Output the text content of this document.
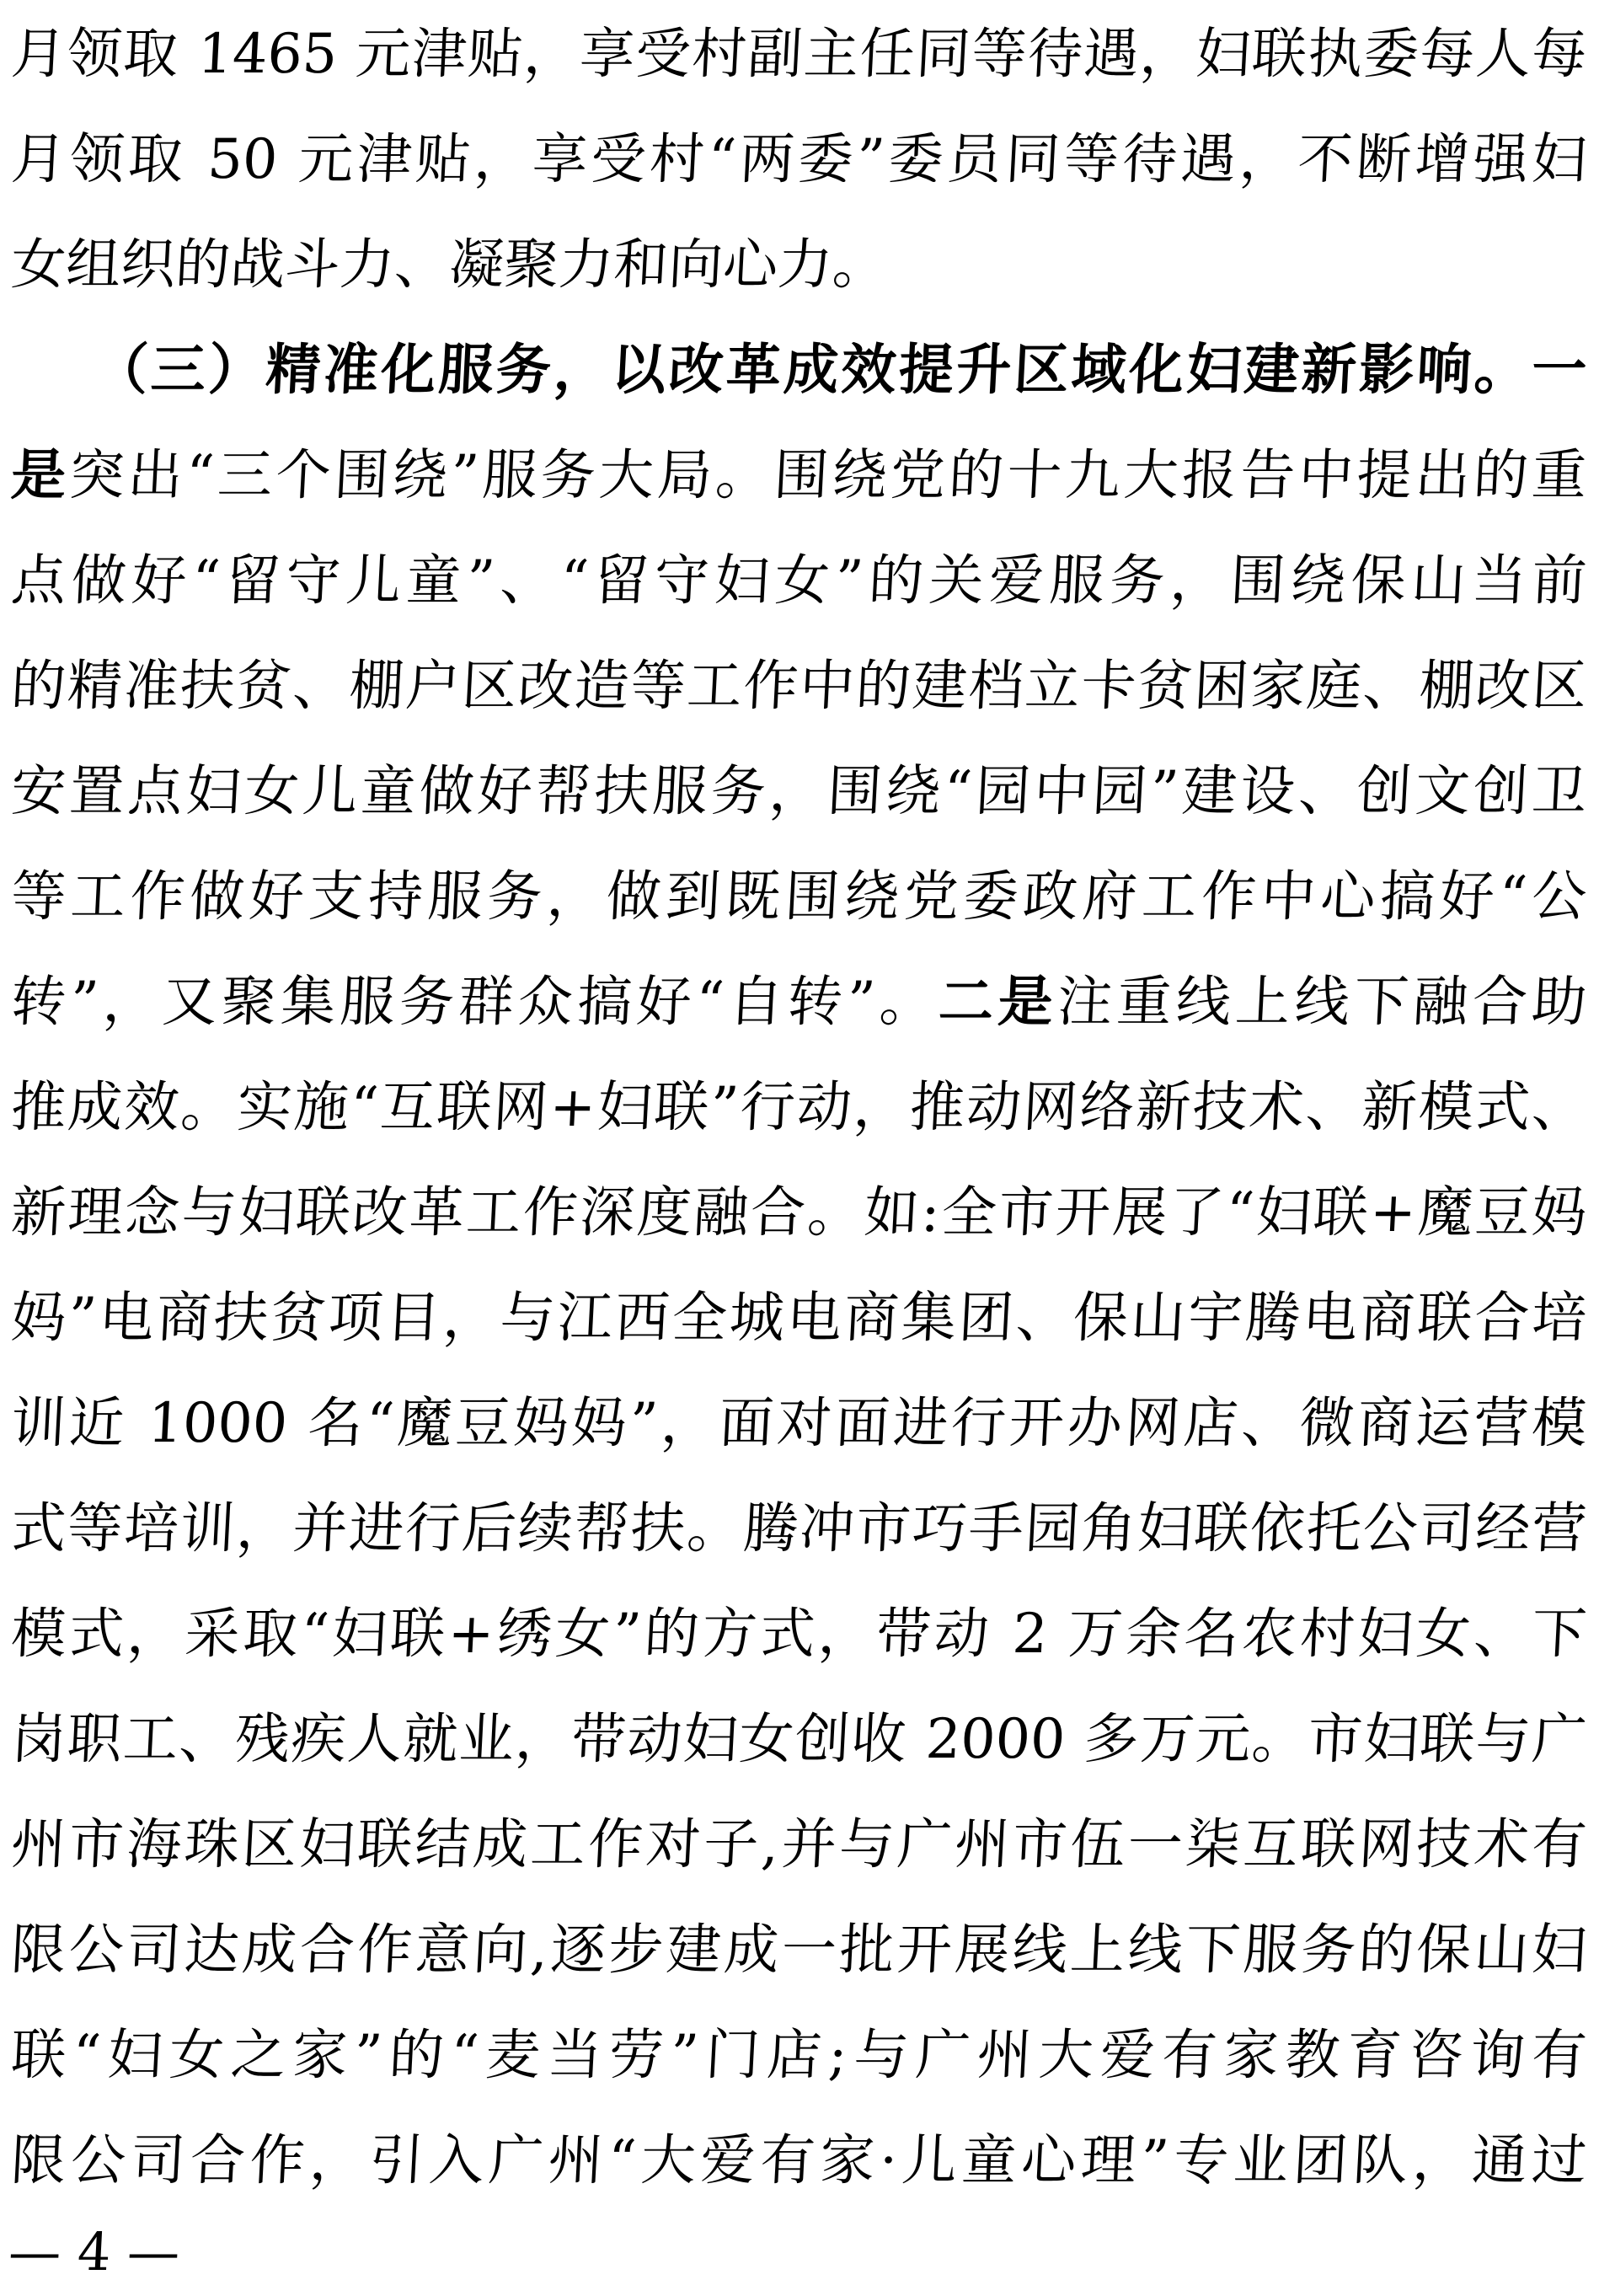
月领取 1465 元津贴，享受村副主任同等待遇，妇联执委每人每
月领取 50 元津贴，享受村“两委”委员同等待遇，不断增强妇
女组织的战斗力、凝聚力和向心力。
（三）精准化服务，以改革成效提升区域化妇建新影响。一
是突出“三个围绕”服务大局。围绕党的十九大报告中提出的重
点做好“留守儿童”、“留守妇女”的关爱服务，围绕保山当前
的精准扶贫、棚户区改造等工作中的建档立卡贫困家庭、棚改区
安置点妇女儿童做好帮扶服务，围绕“园中园”建设、创文创卫
等工作做好支持服务，做到既围绕党委政府工作中心搞好“公
转”，又聚集服务群众搞好“自转”。二是注重线上线下融合助
推成效。实施“互联网+妇联”行动，推动网络新技术、新模式、
新理念与妇联改革工作深度融合。如:全市开展了“妇联+魔豆妈
妈”电商扶贫项目，与江西全城电商集团、保山宇腾电商联合培
训近 1000 名“魔豆妈妈”，面对面进行开办网店、微商运营模
式等培训，并进行后续帮扶。腾冲市巧手园角妇联依托公司经营
模式，采取“妇联+绣女”的方式，带动 2 万余名农村妇女、下
岗职工、残疾人就业，带动妇女创收 2000 多万元。市妇联与广
州市海珠区妇联结成工作对子,并与广州市伍一柒互联网技术有
限公司达成合作意向,逐步建成一批开展线上线下服务的保山妇
联“妇女之家”的“麦当劳”门店;与广州大爱有家教育咨询有
限公司合作，引入广州“大爱有家·儿童心理”专业团队，通过
— 4 —
